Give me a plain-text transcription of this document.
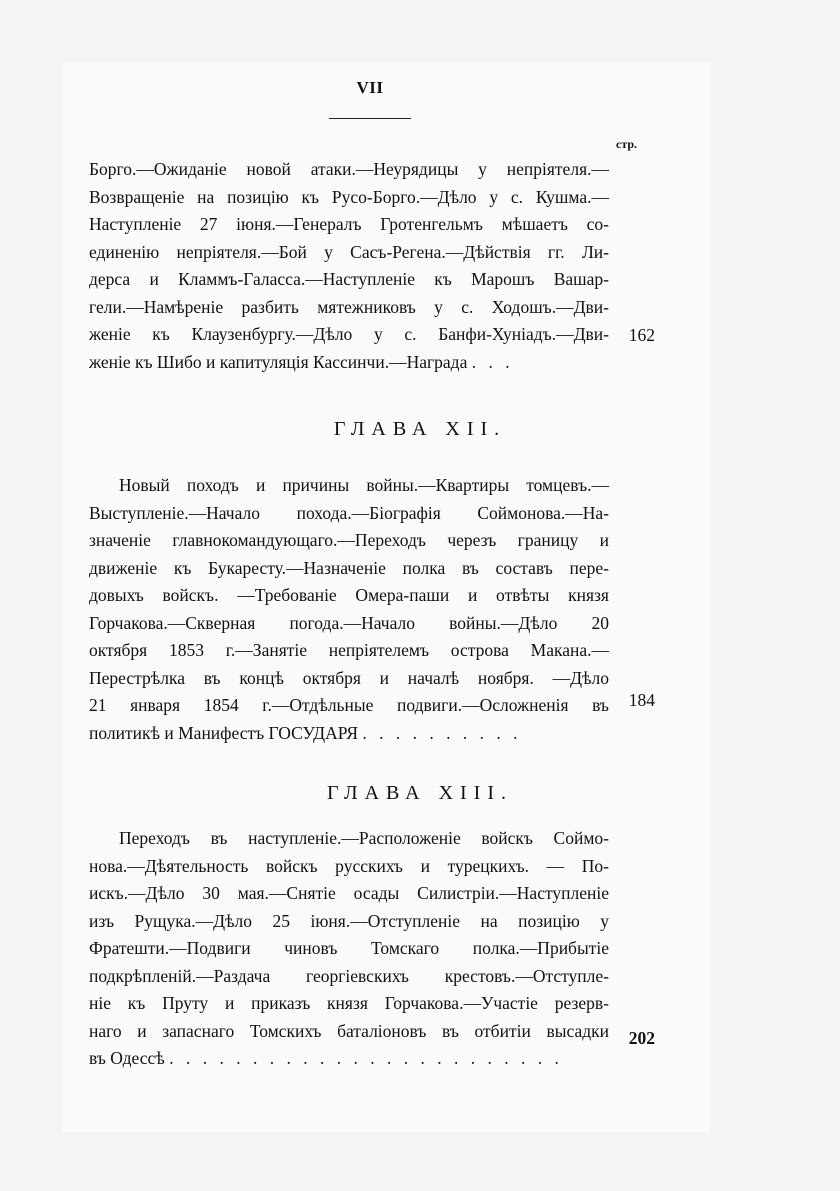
VII
стр.
Борго.—Ожиданіе новой атаки.—Неурядицы у непріятеля.—
Возвращеніе на позицію къ Русо-Борго.—Дѣло у с. Кушма.—
Наступленіе 27 іюня.—Генералъ Гротенгельмъ мѣшаетъ со-
единенію непріятеля.—Бой у Сасъ-Регена.—Дѣйствія гг. Ли-
дерса и Кламмъ-Галасса.—Наступленіе къ Марошъ Вашар-
гели.—Намѣреніе разбить мятежниковъ у с. Ходошъ.—Дви-
женіе къ Клаузенбургу.—Дѣло у с. Банфи-Хуніадъ.—Дви-
женіе къ Шибо и капитуляція Кассинчи.—Награда . . .
162
ГЛАВА XII.
Новый походъ и причины войны.—Квартиры томцевъ.—
Выступленіе.—Начало похода.—Біографія Соймонова.—На-
значеніе главнокомандующаго.—Переходъ черезъ границу и
движеніе къ Букаресту.—Назначеніе полка въ составъ пере-
довыхъ войскъ. —Требованіе Омера-паши и отвѣты князя
Горчакова.—Скверная погода.—Начало войны.—Дѣло 20
октября 1853 г.—Занятіе непріятелемъ острова Макана.—
Перестрѣлка въ концѣ октября и началѣ ноября. —Дѣло
21 января 1854 г.—Отдѣльные подвиги.—Осложненія въ
политикѣ и Манифестъ ГОСУДАРЯ . . . . . . . . . .
184
ГЛАВА XIII.
Переходъ въ наступленіе.—Расположеніе войскъ Соймо-
нова.—Дѣятельность войскъ русскихъ и турецкихъ. — По-
искъ.—Дѣло 30 мая.—Снятіе осады Силистріи.—Наступленіе
изъ Рущука.—Дѣло 25 іюня.—Отступленіе на позицію у
Фратешти.—Подвиги чиновъ Томскаго полка.—Прибытіе
подкрѣпленій.—Раздача георгіевскихъ крестовъ.—Отступле-
ніе къ Пруту и приказъ князя Горчакова.—Участіе резерв-
наго и запаснаго Томскихъ баталіоновъ въ отбитіи высадки
въ Одессѣ . . . . . . . . . . . . . . . . . . . . . . . .
202
